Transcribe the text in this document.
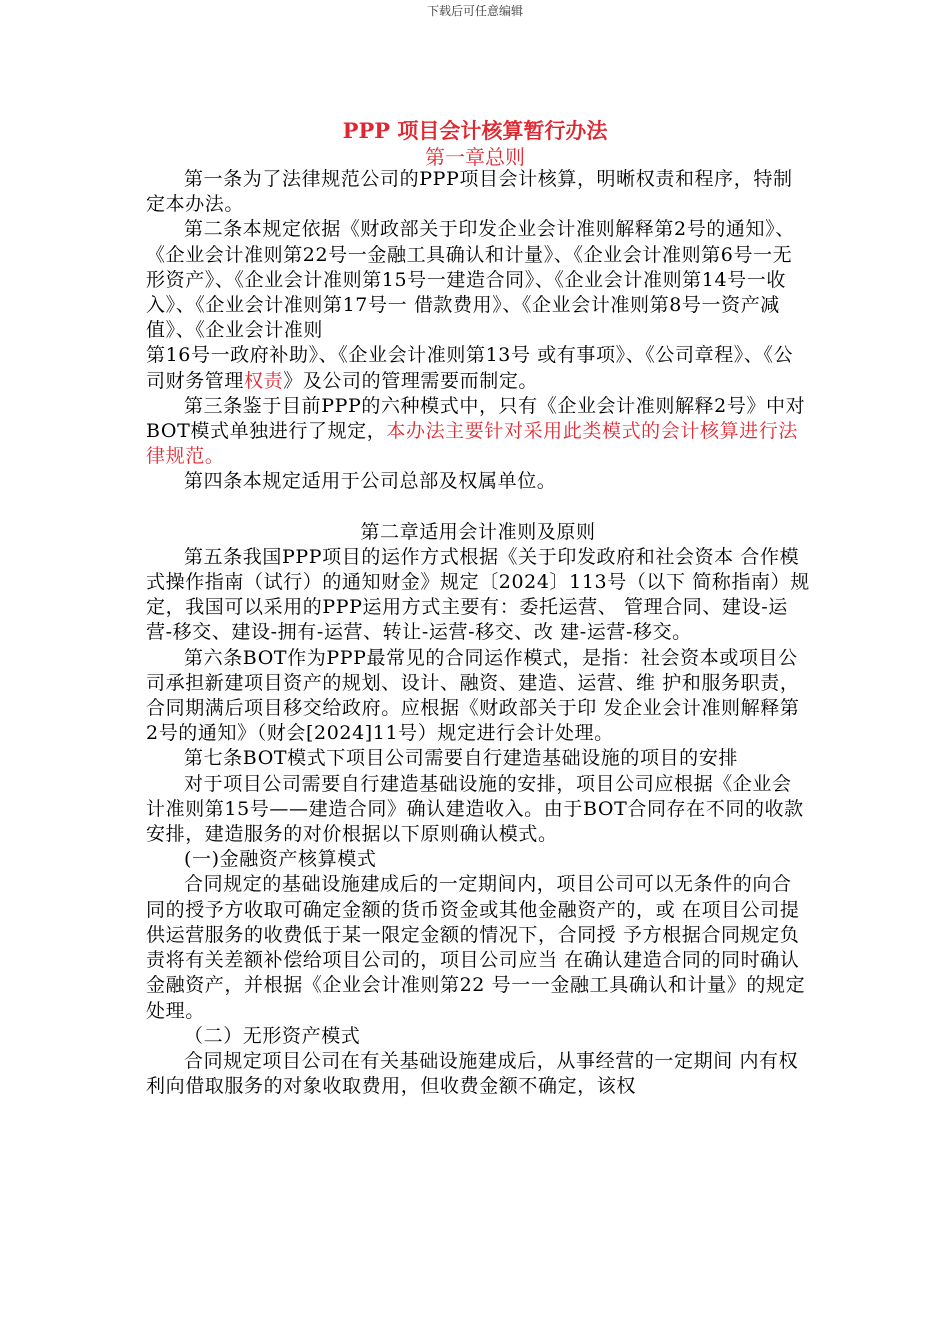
下载后可任意编辑
PPP 项目会计核算暂行办法
第一章总则

第一条为了法律规范公司的PPP项目会计核算，明晰权责和程序，特制定本办法。

第二条本规定依据《财政部关于印发企业会计准则解释第2号的通知》、《企业会计准则第22号一金融工具确认和计量》、《企业会计准则第6号一无形资产》、《企业会计准则第15号一建造合同》、《企业会计准则第14号一收入》、《企业会计准则第17号一 借款费用》、《企业会计准则第8号一资产减值》、《企业会计准则

第16号一政府补助》、《企业会计准则第13号 或有事项》、《公司章程》、《公司财务管理权责》及公司的管理需要而制定。

第三条鉴于目前PPP的六种模式中，只有《企业会计准则解释2号》中对BOT模式单独进行了规定，本办法主要针对采用此类模式的会计核算进行法律规范。

第四条本规定适用于公司总部及权属单位。

第二章适用会计准则及原则

第五条我国PPP项目的运作方式根据《关于印发政府和社会资本 合作模式操作指南（试行）的通知财金》规定〔2024〕113号（以下 简称指南）规定，我国可以采用的PPP运用方式主要有：委托运营、 管理合同、建设-运营-移交、建设-拥有-运营、转让-运营-移交、改 建-运营-移交。

第六条BOT作为PPP最常见的合同运作模式，是指：社会资本或项目公司承担新建项目资产的规划、设计、融资、建造、运营、维 护和服务职责，合同期满后项目移交给政府。应根据《财政部关于印 发企业会计准则解释第2号的通知》（财会[2024]11号）规定进行会计处理。

第七条BOT模式下项目公司需要自行建造基础设施的项目的安排

对于项目公司需要自行建造基础设施的安排，项目公司应根据《企业会计准则第15号——建造合同》确认建造收入。由于BOT合同存在不同的收款安排，建造服务的对价根据以下原则确认模式。

(一)金融资产核算模式

合同规定的基础设施建成后的一定期间内，项目公司可以无条件的向合同的授予方收取可确定金额的货币资金或其他金融资产的，或 在项目公司提供运营服务的收费低于某一限定金额的情况下，合同授 予方根据合同规定负责将有关差额补偿给项目公司的，项目公司应当 在确认建造合同的同时确认金融资产，并根据《企业会计准则第22 号一一金融工具确认和计量》的规定处理。

（二）无形资产模式

合同规定项目公司在有关基础设施建成后，从事经营的一定期间 内有权利向借取服务的对象收取费用，但收费金额不确定，该权
